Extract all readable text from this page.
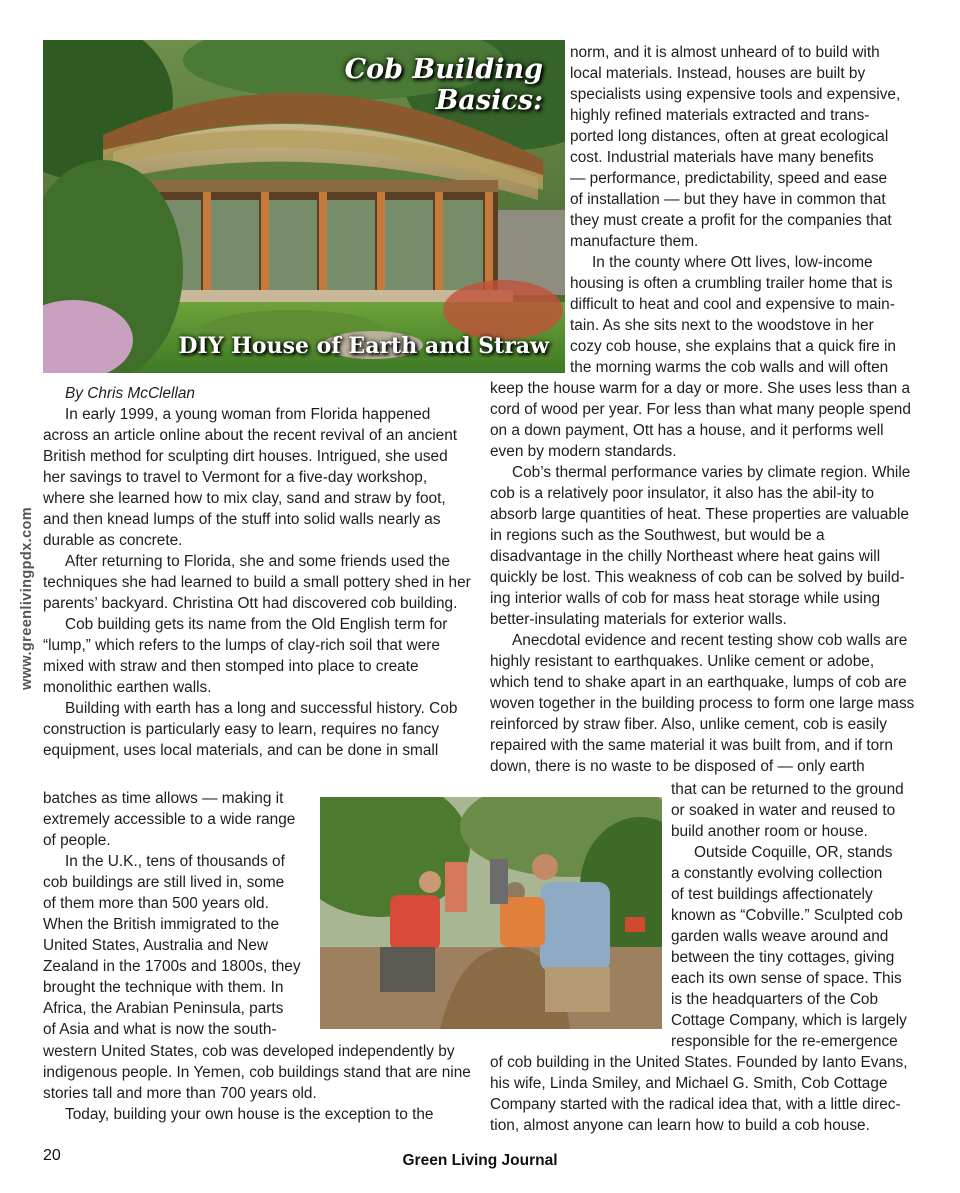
Cob Building
Basics:
DIY House of Earth and Straw

By Chris McClellan

In early 1999, a young woman from Florida happened across an article online about the recent revival of an ancient British method for sculpting dirt houses. Intrigued, she used her savings to travel to Vermont for a five-day workshop, where she learned how to mix clay, sand and straw by foot, and then knead lumps of the stuff into solid walls nearly as durable as concrete.

After returning to Florida, she and some friends used the techniques she had learned to build a small pottery shed in her parents’ backyard. Christina Ott had discovered cob building.

Cob building gets its name from the Old English term for “lump,” which refers to the lumps of clay-rich soil that were mixed with straw and then stomped into place to create monolithic earthen walls.

Building with earth has a long and successful history. Cob construction is particularly easy to learn, requires no fancy equipment, uses local materials, and can be done in small

batches as time allows — making it
extremely accessible to a wide range
of people.
In the U.K., tens of thousands of
cob buildings are still lived in, some
of them more than 500 years old.
When the British immigrated to the
United States, Australia and New
Zealand in the 1700s and 1800s, they
brought the technique with them. In
Africa, the Arabian Peninsula, parts
of Asia and what is now the south-

western United States, cob was developed independently by indigenous people. In Yemen, cob buildings stand that are nine stories tall and more than 700 years old.

Today, building your own house is the exception to the

norm, and it is almost unheard of to build with
local materials. Instead, houses are built by
specialists using expensive tools and expensive,
highly refined materials extracted and trans-
ported long distances, often at great ecological
cost. Industrial materials have many benefits
— performance, predictability, speed and ease
of installation — but they have in common that
they must create a profit for the companies that
manufacture them.
In the county where Ott lives, low-income
housing is often a crumbling trailer home that is
difficult to heat and cool and expensive to main-
tain. As she sits next to the woodstove in her
cozy cob house, she explains that a quick fire in
the morning warms the cob walls and will often

keep the house warm for a day or more. She uses less than a cord of wood per year. For less than what many people spend on a down payment, Ott has a house, and it performs well even by modern standards.

Cob’s thermal performance varies by climate region. While cob is a relatively poor insulator, it also has the abil-ity to absorb large quantities of heat. These properties are valuable in regions such as the Southwest, but would be a disadvantage in the chilly Northeast where heat gains will quickly be lost. This weakness of cob can be solved by build-ing interior walls of cob for mass heat storage while using better-insulating materials for exterior walls.

Anecdotal evidence and recent testing show cob walls are highly resistant to earthquakes. Unlike cement or adobe, which tend to shake apart in an earthquake, lumps of cob are woven together in the building process to form one large mass reinforced by straw fiber. Also, unlike cement, cob is easily repaired with the same material it was built from, and if torn down, there is no waste to be disposed of — only earth

that can be returned to the ground
or soaked in water and reused to
build another room or house.
Outside Coquille, OR, stands
a constantly evolving collection
of test buildings affectionately
known as “Cobville.” Sculpted cob
garden walls weave around and
between the tiny cottages, giving
each its own sense of space. This
is the headquarters of the Cob
Cottage Company, which is largely
responsible for the re-emergence

of cob building in the United States. Founded by Ianto Evans, his wife, Linda Smiley, and Michael G. Smith, Cob Cottage Company started with the radical idea that, with a little direc-tion, almost anyone can learn how to build a cob house.

www.greenlivingpdx.com
20	Green Living Journal
